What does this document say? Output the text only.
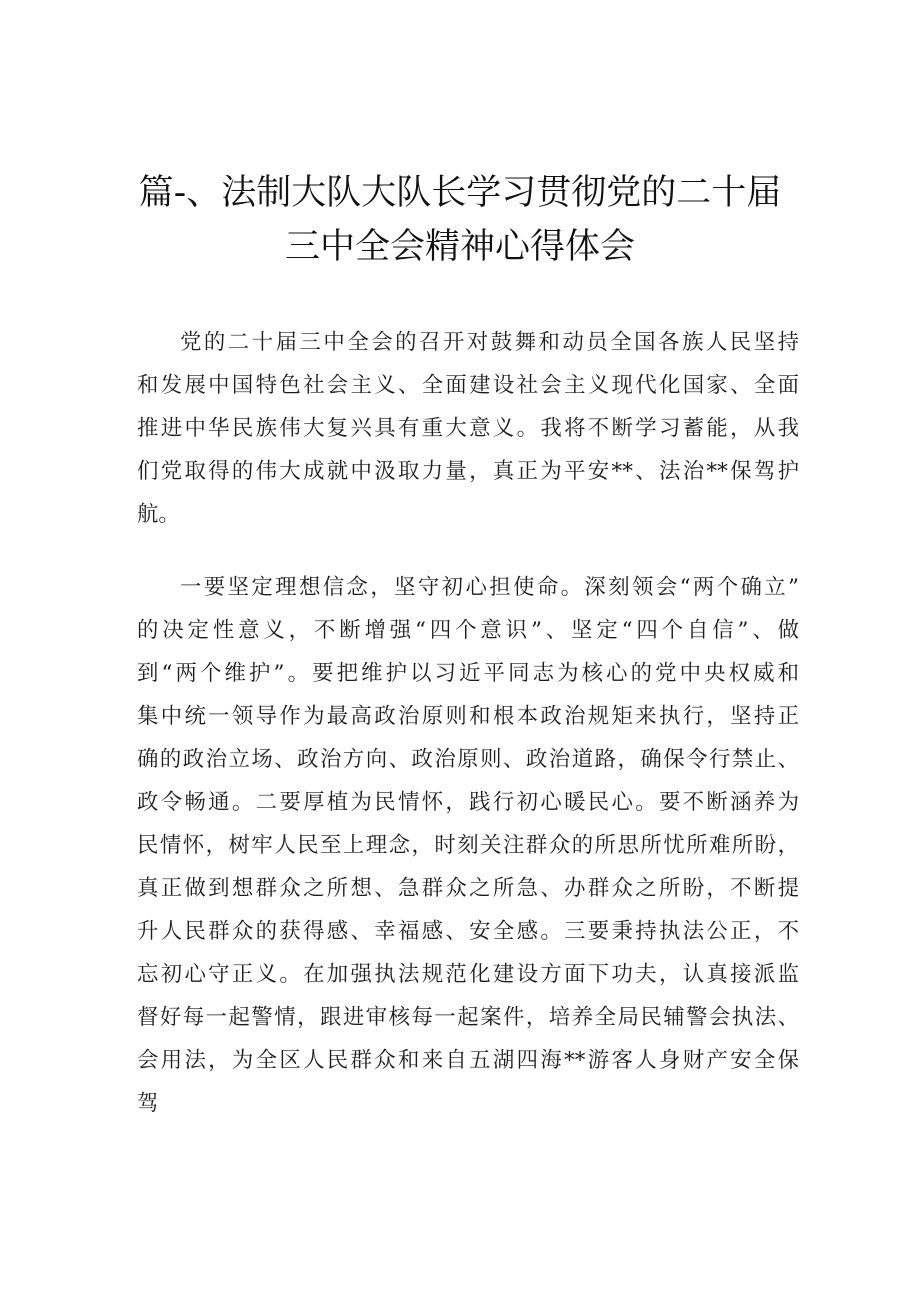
篇-、法制大队大队长学习贯彻党的二十届
三中全会精神心得体会
党的二十届三中全会的召开对鼓舞和动员全国各族人民坚持
和发展中国特色社会主义、全面建设社会主义现代化国家、全面
推进中华民族伟大复兴具有重大意义。我将不断学习蓄能，从我
们党取得的伟大成就中汲取力量，真正为平安**、法治**保驾护
航。
一要坚定理想信念，坚守初心担使命。深刻领会“两个确立”
的决定性意义，不断增强“四个意识”、坚定“四个自信”、做
到“两个维护”。要把维护以习近平同志为核心的党中央权威和
集中统一领导作为最高政治原则和根本政治规矩来执行，坚持正
确的政治立场、政治方向、政治原则、政治道路，确保令行禁止、
政令畅通。二要厚植为民情怀，践行初心暖民心。要不断涵养为
民情怀，树牢人民至上理念，时刻关注群众的所思所忧所难所盼，
真正做到想群众之所想、急群众之所急、办群众之所盼，不断提
升人民群众的获得感、幸福感、安全感。三要秉持执法公正，不
忘初心守正义。在加强执法规范化建设方面下功夫，认真接派监
督好每一起警情，跟进审核每一起案件，培养全局民辅警会执法、
会用法，为全区人民群众和来自五湖四海**游客人身财产安全保
驾
